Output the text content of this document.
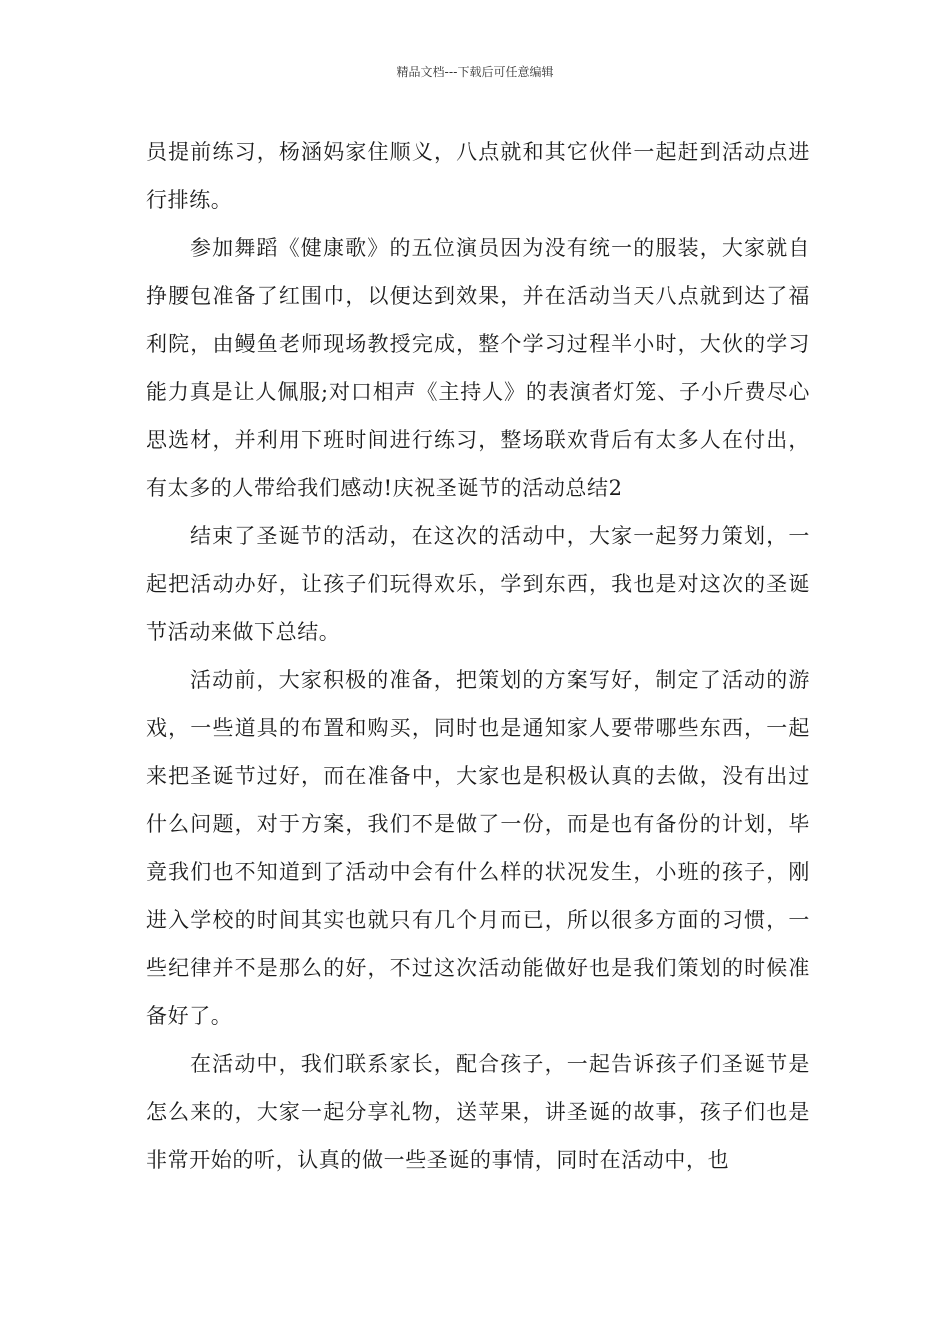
精品文档---下载后可任意编辑

员提前练习，杨涵妈家住顺义，八点就和其它伙伴一起赶到活动点进行排练。

参加舞蹈《健康歌》的五位演员因为没有统一的服装，大家就自挣腰包准备了红围巾，以便达到效果，并在活动当天八点就到达了福利院，由鳗鱼老师现场教授完成，整个学习过程半小时，大伙的学习能力真是让人佩服;对口相声《主持人》的表演者灯笼、子小斤费尽心思选材，并利用下班时间进行练习，整场联欢背后有太多人在付出，有太多的人带给我们感动!庆祝圣诞节的活动总结2

结束了圣诞节的活动，在这次的活动中，大家一起努力策划，一起把活动办好，让孩子们玩得欢乐，学到东西，我也是对这次的圣诞节活动来做下总结。

活动前，大家积极的准备，把策划的方案写好，制定了活动的游戏，一些道具的布置和购买，同时也是通知家人要带哪些东西，一起来把圣诞节过好，而在准备中，大家也是积极认真的去做，没有出过什么问题，对于方案，我们不是做了一份，而是也有备份的计划，毕竟我们也不知道到了活动中会有什么样的状况发生，小班的孩子，刚进入学校的时间其实也就只有几个月而已，所以很多方面的习惯，一些纪律并不是那么的好，不过这次活动能做好也是我们策划的时候准备好了。

在活动中，我们联系家长，配合孩子，一起告诉孩子们圣诞节是怎么来的，大家一起分享礼物，送苹果，讲圣诞的故事，孩子们也是非常开始的听，认真的做一些圣诞的事情，同时在活动中，也
